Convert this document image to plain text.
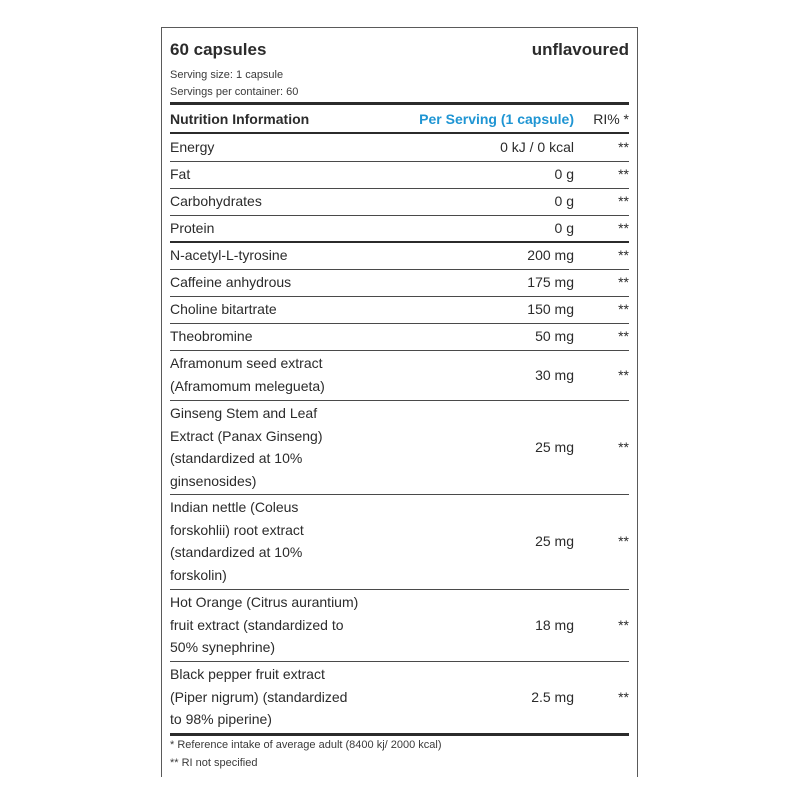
60 capsules	unflavoured
Serving size: 1 capsule
Servings per container: 60
Nutrition Information	Per Serving (1 capsule) RI% *
Energy	0 kJ / 0 kcal	**
Fat	0 g	**
Carbohydrates	0 g	**
Protein	0 g	**
N-acetyl-L-tyrosine	200 mg	**
Caffeine anhydrous	175 mg	**
Choline bitartrate	150 mg	**
Theobromine	50 mg	**
Aframonum seed extract
(Aframomum melegueta)
30 mg	**
Ginseng Stem and Leaf
Extract (Panax Ginseng)
(standardized at 10%
ginsenosides)
25 mg	**
Indian nettle (Coleus
forskohlii) root extract
(standardized at 10%
forskolin)
25 mg	**
Hot Orange (Citrus aurantium)
fruit extract (standardized to
50% synephrine)
18 mg	**
Black pepper fruit extract
(Piper nigrum) (standardized
to 98% piperine)
2.5 mg	**
* Reference intake of average adult (8400 kj/ 2000 kcal)
** RI not specified
